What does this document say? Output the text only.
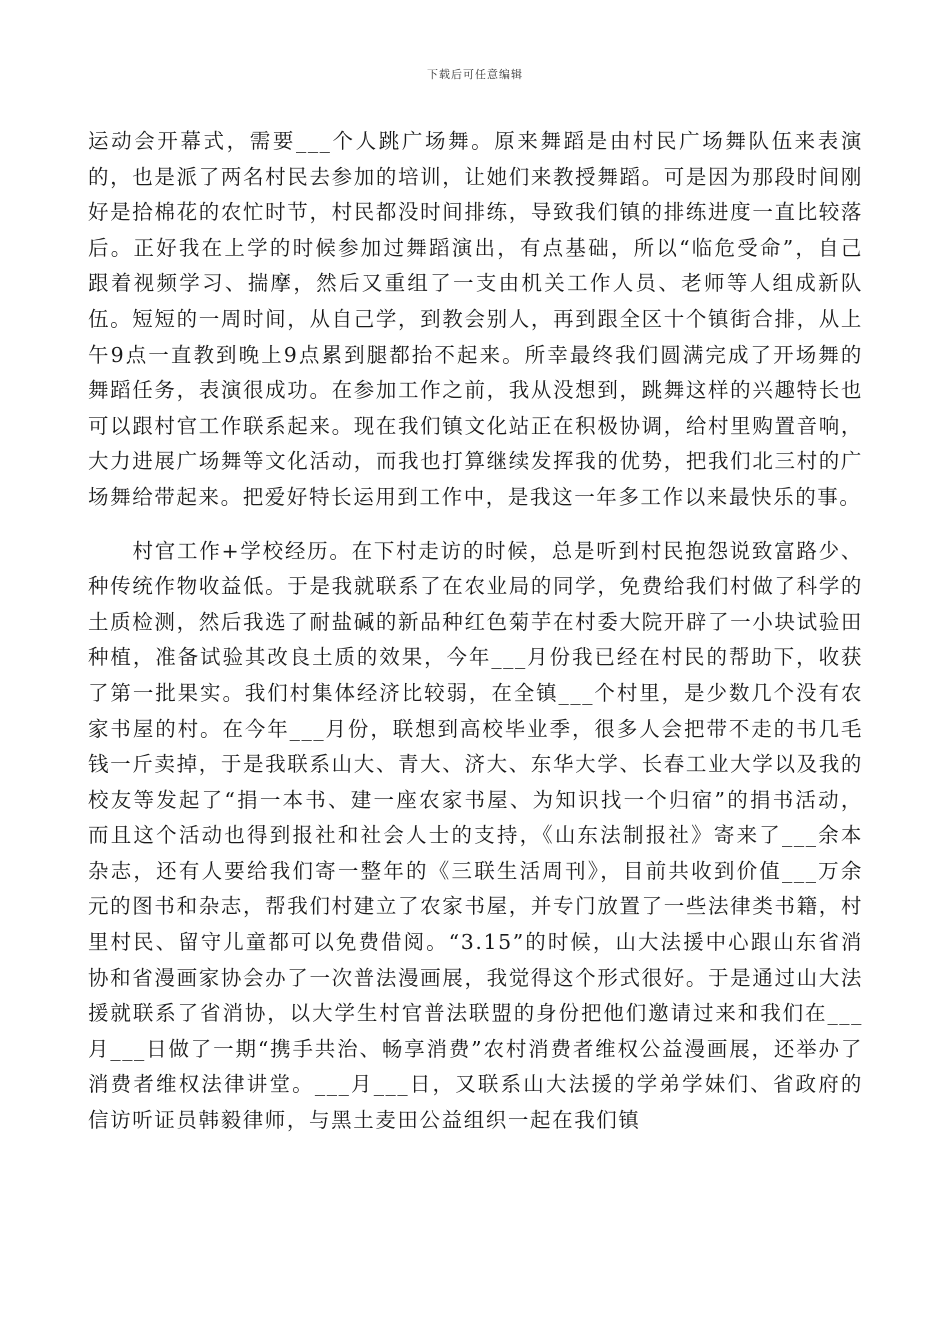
下载后可任意编辑

运动会开幕式，需要___个人跳广场舞。原来舞蹈是由村民广场舞队伍来表演的，也是派了两名村民去参加的培训，让她们来教授舞蹈。可是因为那段时间刚好是拾棉花的农忙时节，村民都没时间排练，导致我们镇的排练进度一直比较落后。正好我在上学的时候参加过舞蹈演出，有点基础，所以“临危受命”，自己跟着视频学习、揣摩，然后又重组了一支由机关工作人员、老师等人组成新队伍。短短的一周时间，从自己学，到教会别人，再到跟全区十个镇街合排，从上午9点一直教到晚上9点累到腿都抬不起来。所幸最终我们圆满完成了开场舞的舞蹈任务，表演很成功。在参加工作之前，我从没想到，跳舞这样的兴趣特长也可以跟村官工作联系起来。现在我们镇文化站正在积极协调，给村里购置音响，大力进展广场舞等文化活动，而我也打算继续发挥我的优势，把我们北三村的广场舞给带起来。把爱好特长运用到工作中，是我这一年多工作以来最快乐的事。

　　村官工作+学校经历。在下村走访的时候，总是听到村民抱怨说致富路少、种传统作物收益低。于是我就联系了在农业局的同学，免费给我们村做了科学的土质检测，然后我选了耐盐碱的新品种红色菊芋在村委大院开辟了一小块试验田种植，准备试验其改良土质的效果，今年___月份我已经在村民的帮助下，收获了第一批果实。我们村集体经济比较弱，在全镇___个村里，是少数几个没有农家书屋的村。在今年___月份，联想到高校毕业季，很多人会把带不走的书几毛钱一斤卖掉，于是我联系山大、青大、济大、东华大学、长春工业大学以及我的校友等发起了“捐一本书、建一座农家书屋、为知识找一个归宿”的捐书活动，而且这个活动也得到报社和社会人士的支持，《山东法制报社》寄来了___余本杂志，还有人要给我们寄一整年的《三联生活周刊》，目前共收到价值___万余元的图书和杂志，帮我们村建立了农家书屋，并专门放置了一些法律类书籍，村里村民、留守儿童都可以免费借阅。“3.15”的时候，山大法援中心跟山东省消协和省漫画家协会办了一次普法漫画展，我觉得这个形式很好。于是通过山大法援就联系了省消协，以大学生村官普法联盟的身份把他们邀请过来和我们在___月___日做了一期“携手共治、畅享消费”农村消费者维权公益漫画展，还举办了消费者维权法律讲堂。___月___日，又联系山大法援的学弟学妹们、省政府的信访听证员韩毅律师，与黑土麦田公益组织一起在我们镇
